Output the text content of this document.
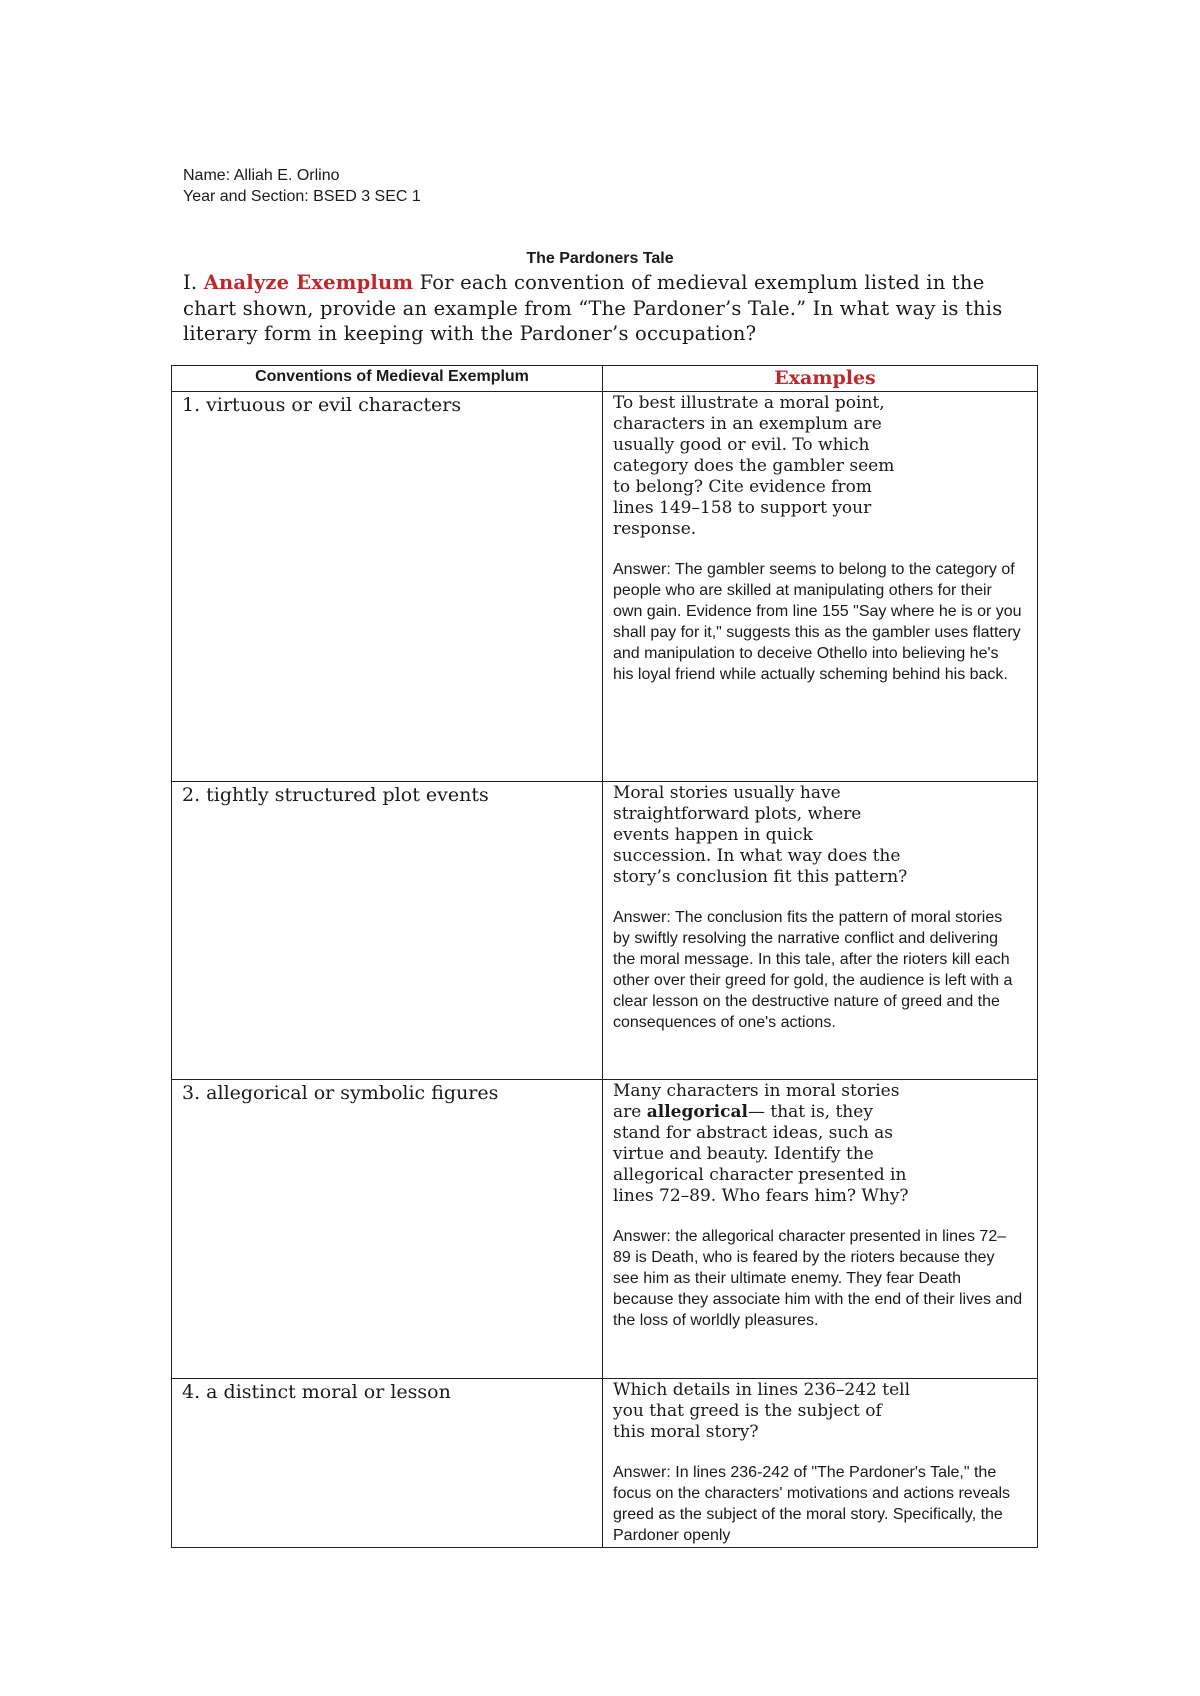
Name: Alliah E. Orlino
Year and Section: BSED 3 SEC 1
The Pardoners Tale
I. Analyze Exemplum For each convention of medieval exemplum listed in the chart shown, provide an example from “The Pardoner’s Tale.” In what way is this literary form in keeping with the Pardoner’s occupation?
Conventions of Medieval Exemplum	Examples
1. virtuous or evil characters	To best illustrate a moral point, characters in an exemplum are usually good or evil. To which category does the gambler seem to belong? Cite evidence from lines 149–158 to support your response.
Answer: The gambler seems to belong to the category of people who are skilled at manipulating others for their own gain. Evidence from line 155 "Say where he is or you shall pay for it," suggests this as the gambler uses flattery and manipulation to deceive Othello into believing he's his loyal friend while actually scheming behind his back.

2. tightly structured plot events	Moral stories usually have straightforward plots, where events happen in quick succession. In what way does the story’s conclusion fit this pattern?
Answer: The conclusion fits the pattern of moral stories by swiftly resolving the narrative conflict and delivering the moral message. In this tale, after the rioters kill each other over their greed for gold, the audience is left with a clear lesson on the destructive nature of greed and the consequences of one's actions.

3. allegorical or symbolic figures	Many characters in moral stories are allegorical— that is, they stand for abstract ideas, such as virtue and beauty. Identify the allegorical character presented in lines 72–89. Who fears him? Why?
Answer: the allegorical character presented in lines 72–89 is Death, who is feared by the rioters because they see him as their ultimate enemy. They fear Death because they associate him with the end of their lives and the loss of worldly pleasures.

4. a distinct moral or lesson	Which details in lines 236–242 tell you that greed is the subject of this moral story?
Answer: In lines 236-242 of "The Pardoner's Tale," the focus on the characters' motivations and actions reveals greed as the subject of the moral story. Specifically, the Pardoner openly
